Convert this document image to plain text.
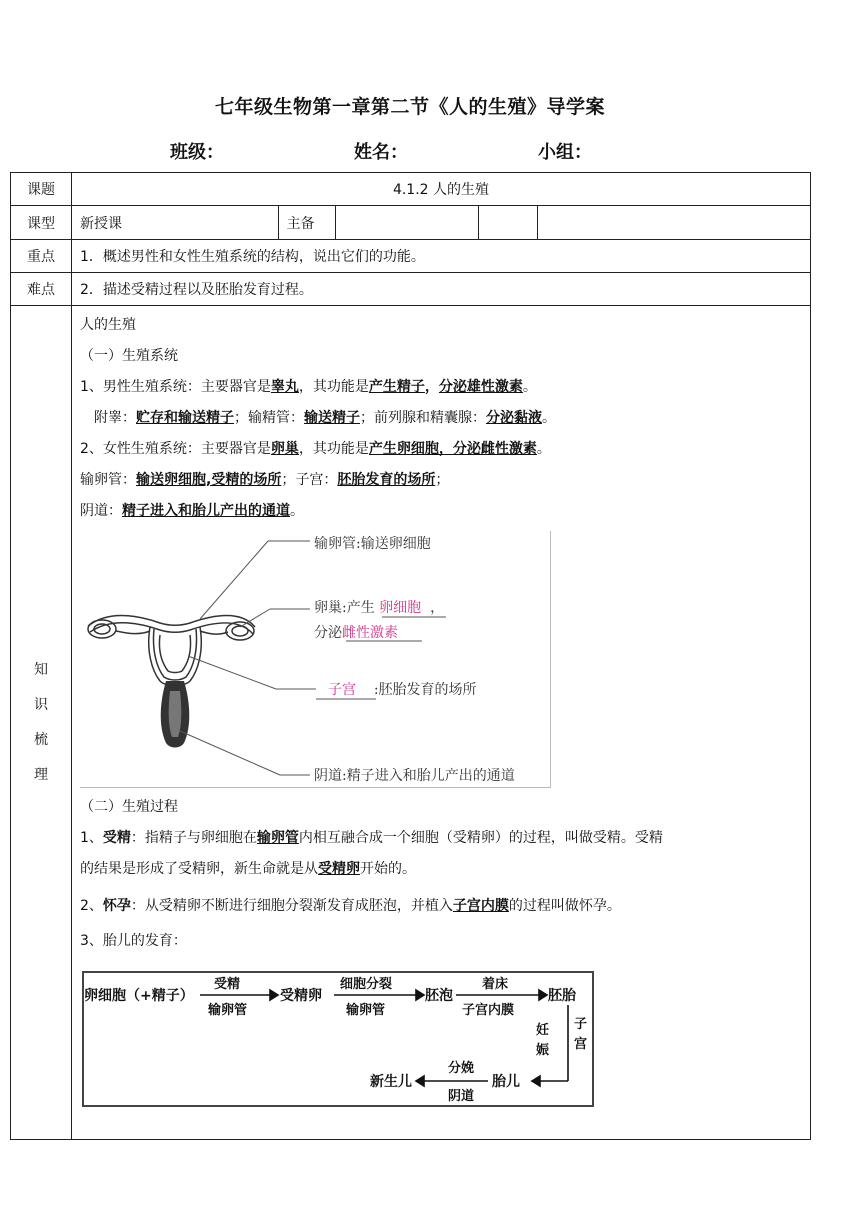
七年级生物第一章第二节《人的生殖》导学案
班级：	姓名：	小组：
课题	4.1.2 人的生殖
课型	新授课	主备			

重点	1．概述男性和女性生殖系统的结构，说出它们的功能。
难点	2．描述受精过程以及胚胎发育过程。

知
识
梳
理

人的生殖
（一）生殖系统
1、男性生殖系统：主要器官是睾丸，其功能是产生精子，分泌雄性激素。
附睾：贮存和输送精子；输精管：输送精子；前列腺和精囊腺：分泌黏液。
2、女性生殖系统：主要器官是卵巢，其功能是产生卵细胞，分泌雌性激素。
输卵管：输送卵细胞,受精的场所；子宫：胚胎发育的场所；
阴道：精子进入和胎儿产出的通道。
输卵管:输送卵细胞
卵巢:产生 卵细胞 ，
分泌雌性激素
子宫 :胚胎发育的场所
阴道:精子进入和胎儿产出的通道
（二）生殖过程
1、受精：指精子与卵细胞在输卵管内相互融合成一个细胞（受精卵）的过程，叫做受精。受精
的结果是形成了受精卵，新生命就是从受精卵开始的。
2、怀孕：从受精卵不断进行细胞分裂渐发育成胚泡，并植入子宫内膜的过程叫做怀孕。
3、胎儿的发育：
卵细胞（+精子）
受精
输卵管
受精卵
细胞分裂
输卵管
胚泡
着床
子宫内膜
胚胎
妊
娠
子
宫
胎儿
分娩
阴道
新生儿
